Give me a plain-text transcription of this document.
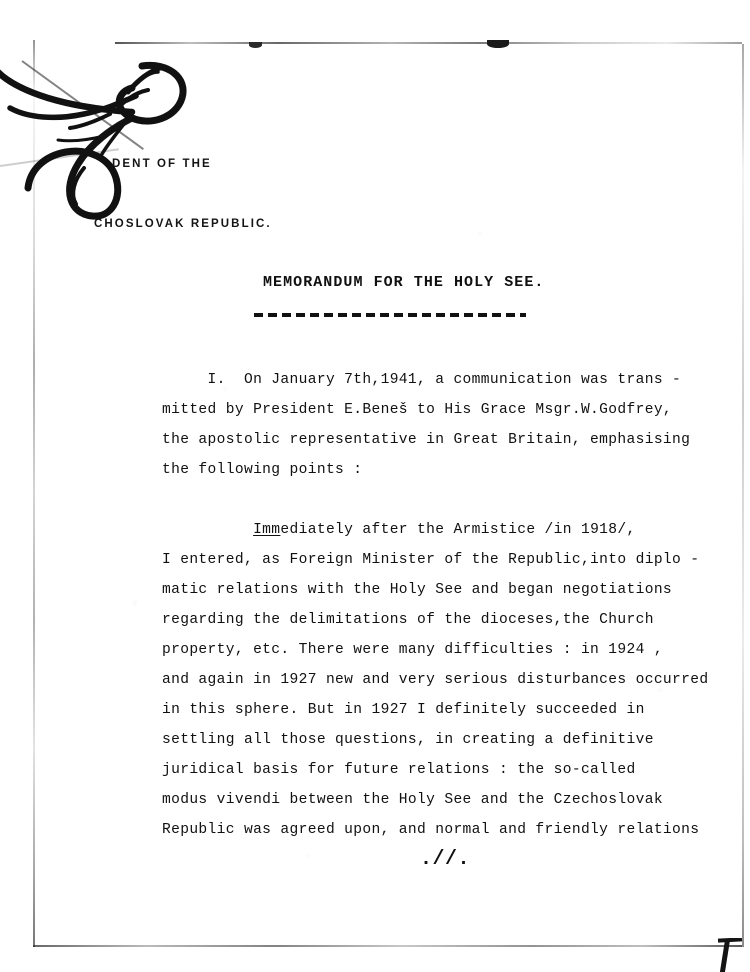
DENT OF THE

CHOSLOVAK REPUBLIC.

MEMORANDUM FOR THE HOLY SEE.
I.  On January 7th,1941, a communication was trans -
mitted by President E.Beneš to His Grace Msgr.W.Godfrey,
the apostolic representative in Great Britain, emphasising
the following points :

Immediately after the Armistice /in 1918/,
I entered, as Foreign Minister of the Republic,into diplo -
matic relations with the Holy See and began negotiations
regarding the delimitations of the dioceses,the Church
property, etc. There were many difficulties : in 1924 ,
and again in 1927 new and very serious disturbances occurred
in this sphere. But in 1927 I definitely succeeded in
settling all those questions, in creating a definitive
juridical basis for future relations : the so-called
modus vivendi between the Holy See and the Czechoslovak
Republic was agreed upon, and normal and friendly relations
.//.
